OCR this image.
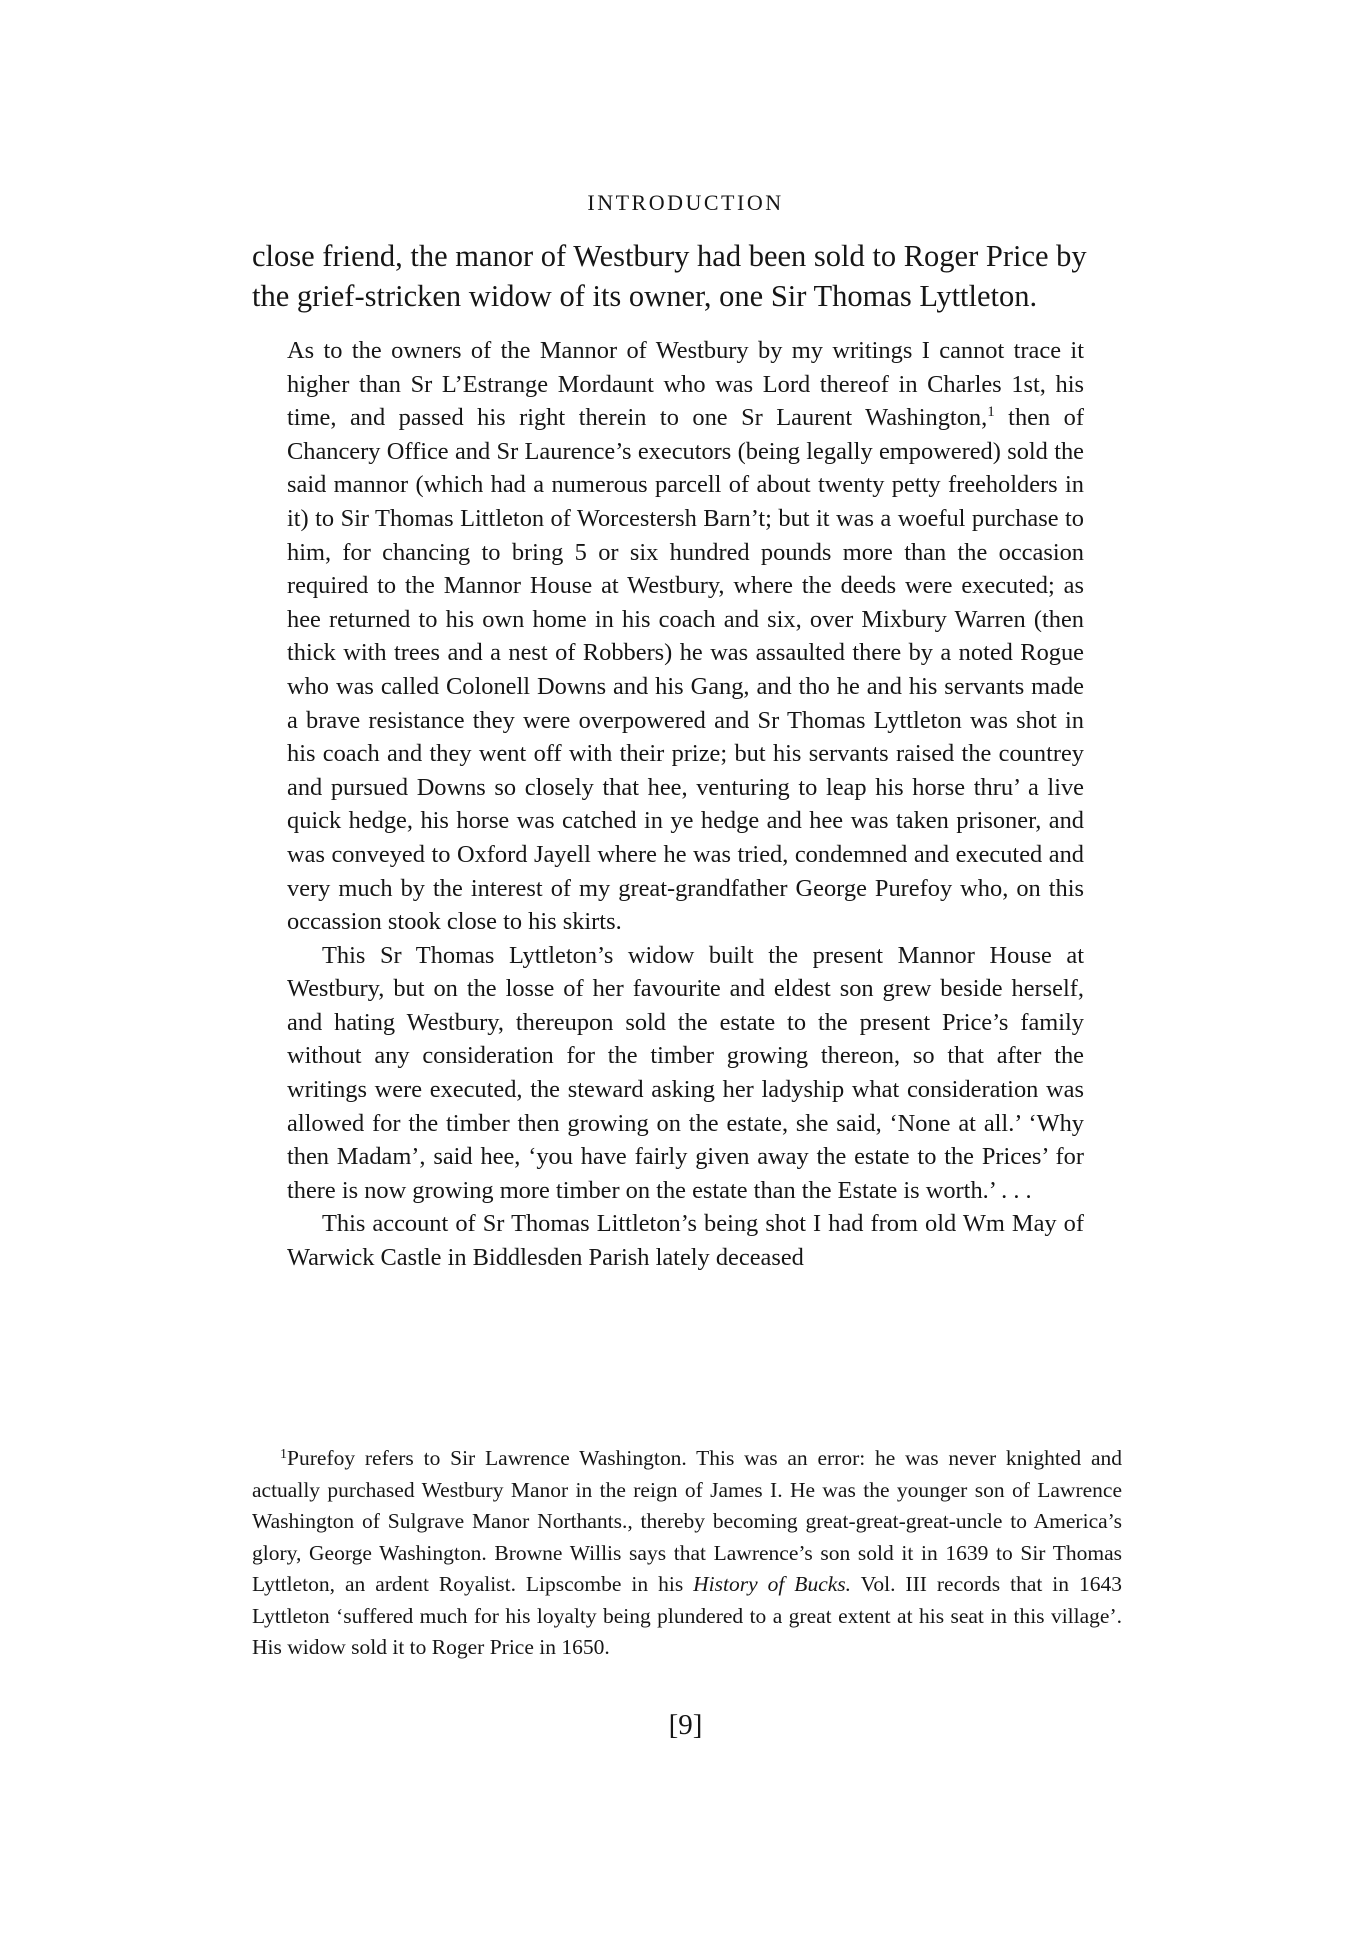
INTRODUCTION

close friend, the manor of Westbury had been sold to Roger Price by the grief-stricken widow of its owner, one Sir Thomas Lyttleton.

As to the owners of the Mannor of Westbury by my writings I cannot trace it higher than Sr L’Estrange Mordaunt who was Lord thereof in Charles 1st, his time, and passed his right therein to one Sr Laurent Washington,$^1$ then of Chancery Office and Sr Laurence’s executors (being legally empowered) sold the said mannor (which had a numerous parcell of about twenty petty freeholders in it) to Sir Thomas Littleton of Worcestersh Barn’t; but it was a woeful purchase to him, for chancing to bring 5 or six hundred pounds more than the occasion required to the Mannor House at Westbury, where the deeds were executed; as hee returned to his own home in his coach and six, over Mixbury Warren (then thick with trees and a nest of Robbers) he was assaulted there by a noted Rogue who was called Colonell Downs and his Gang, and tho he and his servants made a brave resistance they were overpowered and Sr Thomas Lyttleton was shot in his coach and they went off with their prize; but his servants raised the countrey and pursued Downs so closely that hee, venturing to leap his horse thru’ a live quick hedge, his horse was catched in ye hedge and hee was taken prisoner, and was conveyed to Oxford Jayell where he was tried, condemned and executed and very much by the interest of my great-grandfather George Purefoy who, on this occassion stook close to his skirts.

This Sr Thomas Lyttleton’s widow built the present Mannor House at Westbury, but on the losse of her favourite and eldest son grew beside herself, and hating Westbury, thereupon sold the estate to the present Price’s family without any consideration for the timber growing thereon, so that after the writings were executed, the steward asking her ladyship what consideration was allowed for the timber then growing on the estate, she said, ‘None at all.’ ‘Why then Madam’, said hee, ‘you have fairly given away the estate to the Prices’ for there is now growing more timber on the estate than the Estate is worth.’ . . .

This account of Sr Thomas Littleton’s being shot I had from old Wm May of Warwick Castle in Biddlesden Parish lately deceased

$^1$Purefoy refers to Sir Lawrence Washington. This was an error: he was never knighted and actually purchased Westbury Manor in the reign of James I. He was the younger son of Lawrence Washington of Sulgrave Manor Northants., thereby becoming great-great-great-uncle to America’s glory, George Washington. Browne Willis says that Lawrence’s son sold it in 1639 to Sir Thomas Lyttleton, an ardent Royalist. Lipscombe in his History of Bucks. Vol. III records that in 1643 Lyttleton ‘suffered much for his loyalty being plundered to a great extent at his seat in this village’. His widow sold it to Roger Price in 1650.

[9]
